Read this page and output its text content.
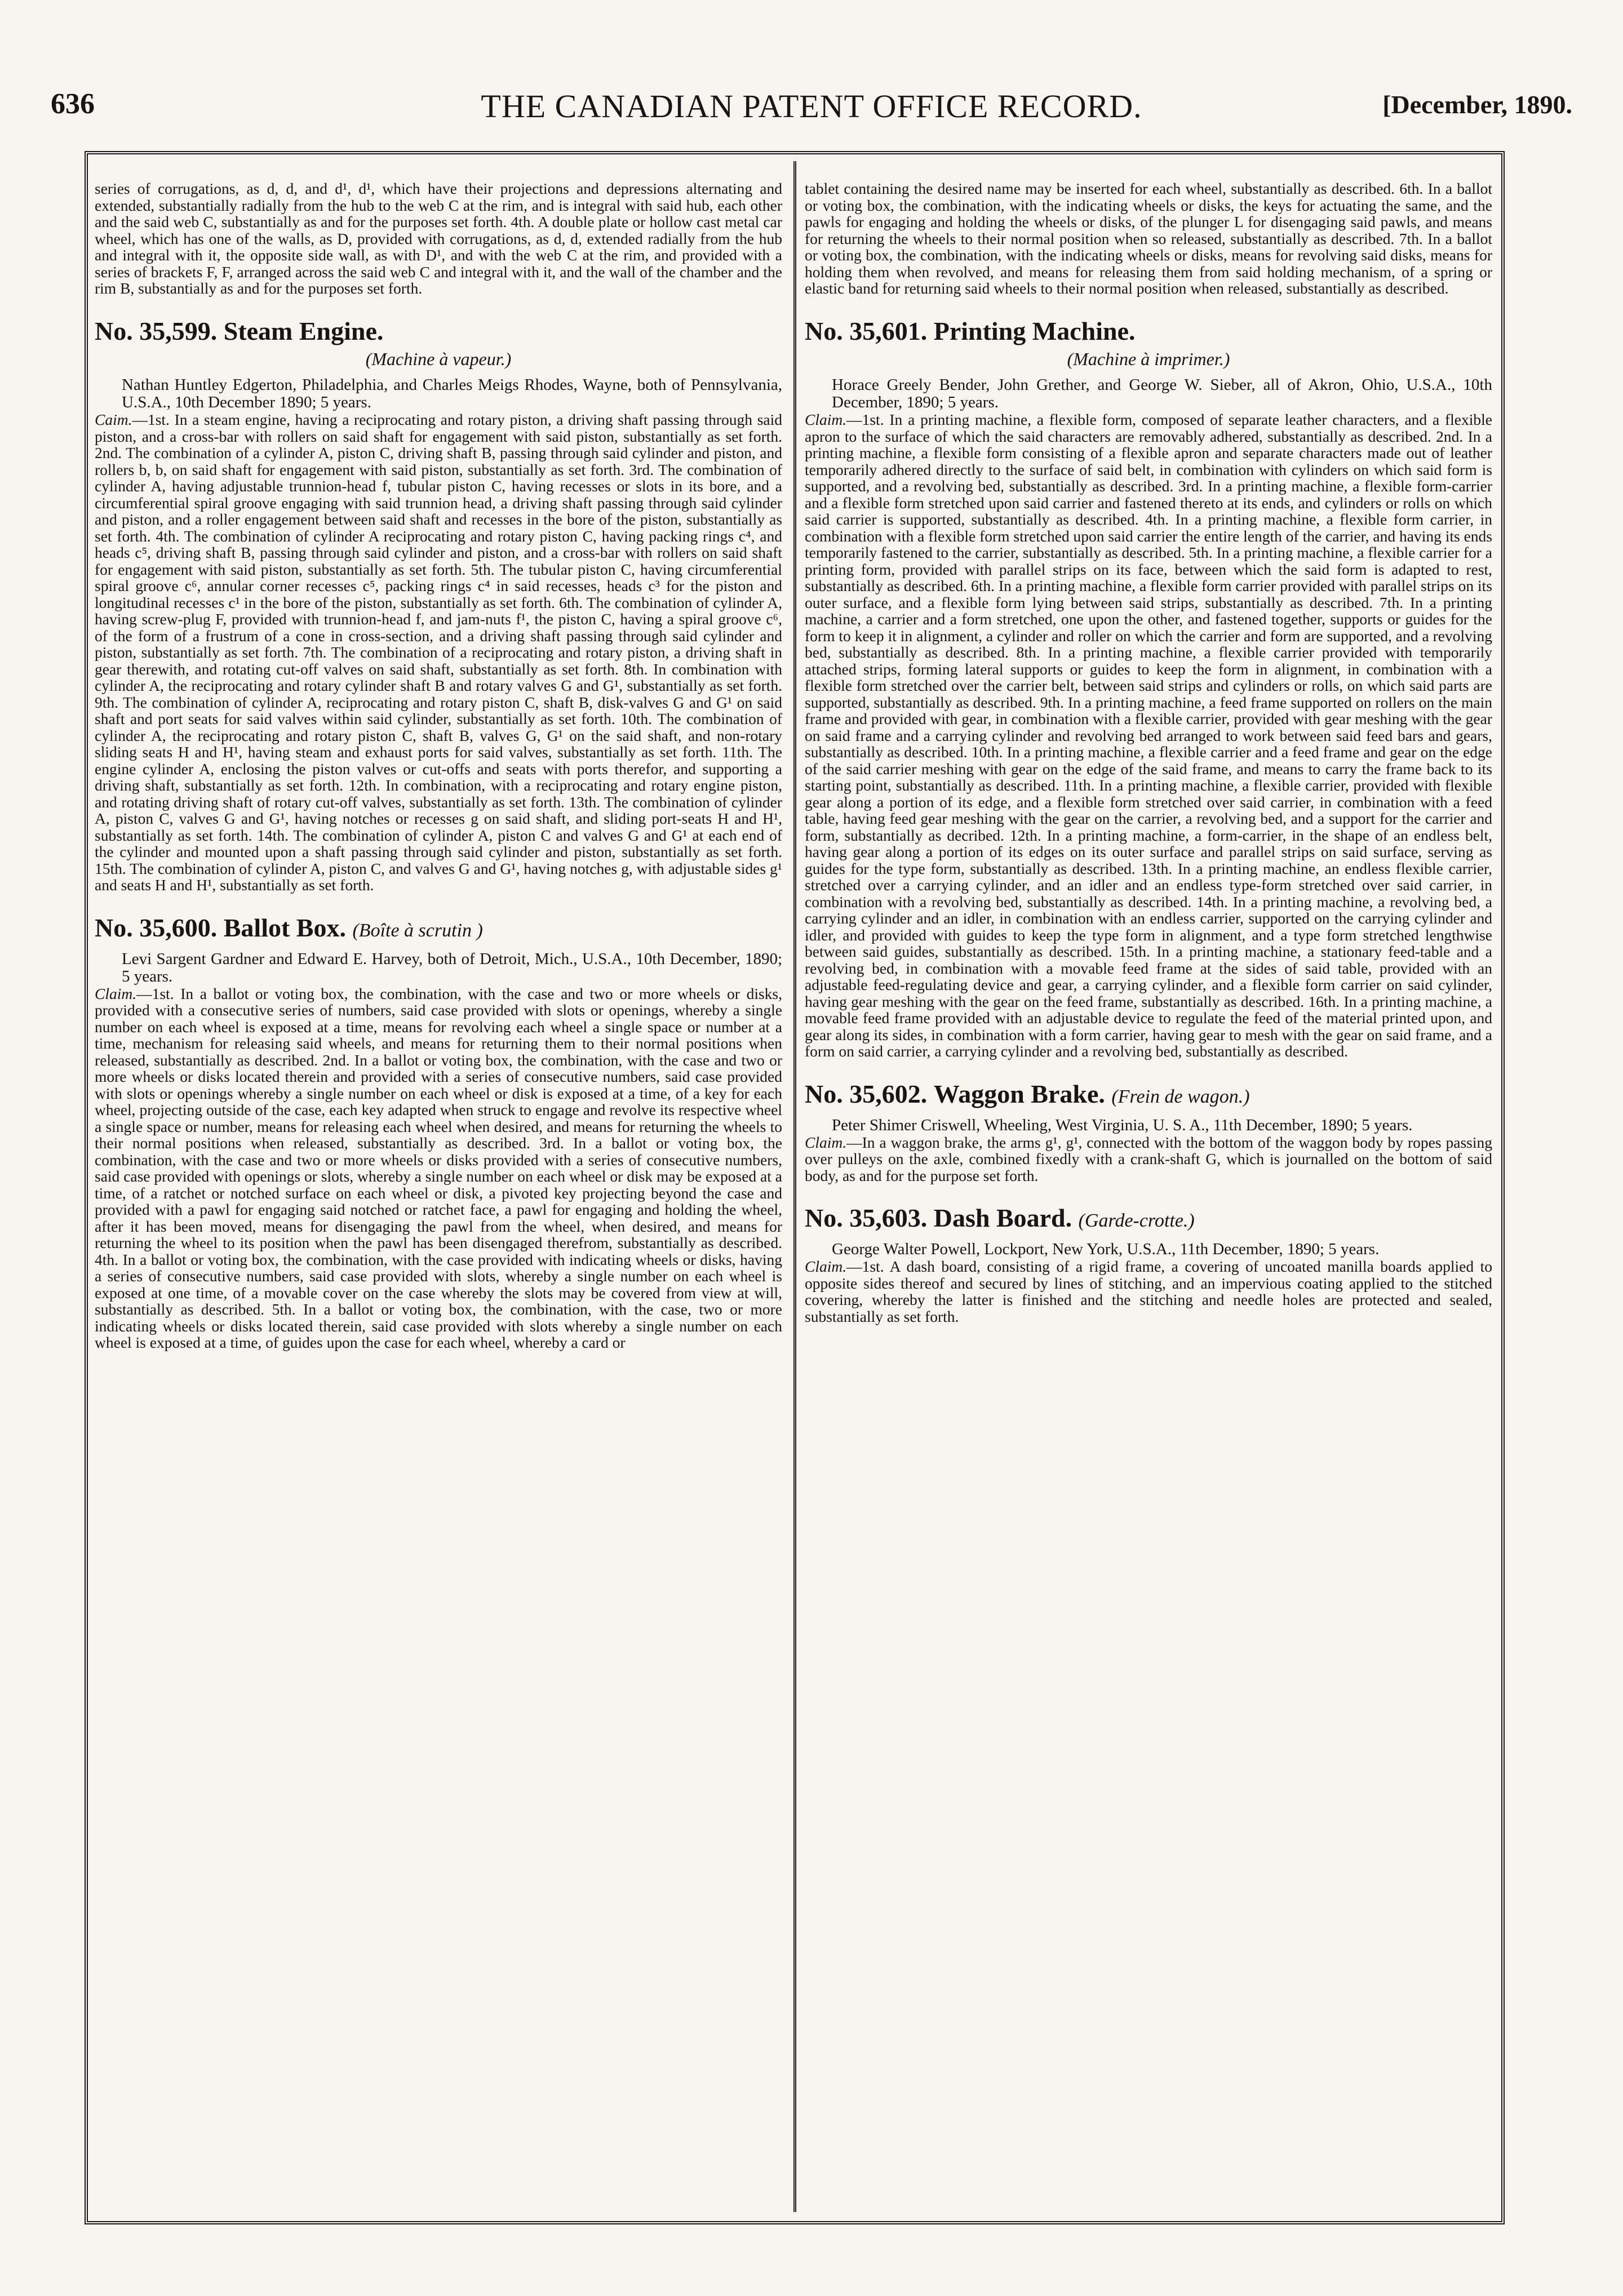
636	THE CANADIAN PATENT OFFICE RECORD.	[December, 1890.

series of corrugations, as d, d, and d¹, d¹, which have their projections and depressions alternating and extended, substantially radially from the hub to the web C at the rim, and is integral with said hub, each other and the said web C, substantially as and for the purposes set forth. 4th. A double plate or hollow cast metal car wheel, which has one of the walls, as D, provided with corrugations, as d, d, extended radially from the hub and integral with it, the opposite side wall, as with D¹, and with the web C at the rim, and provided with a series of brackets F, F, arranged across the said web C and integral with it, and the wall of the chamber and the rim B, substantially as and for the purposes set forth.

No. 35,599. Steam Engine.
(Machine à vapeur.)

Nathan Huntley Edgerton, Philadelphia, and Charles Meigs Rhodes, Wayne, both of Pennsylvania, U.S.A., 10th December 1890; 5 years.

Caim.—1st. In a steam engine, having a reciprocating and rotary piston, a driving shaft passing through said piston, and a cross-bar with rollers on said shaft for engagement with said piston, substantially as set forth. 2nd. The combination of a cylinder A, piston C, driving shaft B, passing through said cylinder and piston, and rollers b, b, on said shaft for engagement with said piston, substantially as set forth. 3rd. The combination of cylinder A, having adjustable trunnion-head f, tubular piston C, having recesses or slots in its bore, and a circumferential spiral groove engaging with said trunnion head, a driving shaft passing through said cylinder and piston, and a roller engagement between said shaft and recesses in the bore of the piston, substantially as set forth. 4th. The combination of cylinder A reciprocating and rotary piston C, having packing rings c⁴, and heads c⁵, driving shaft B, passing through said cylinder and piston, and a cross-bar with rollers on said shaft for engagement with said piston, substantially as set forth. 5th. The tubular piston C, having circumferential spiral groove c⁶, annular corner recesses c⁵, packing rings c⁴ in said recesses, heads c³ for the piston and longitudinal recesses c¹ in the bore of the piston, substantially as set forth. 6th. The combination of cylinder A, having screw-plug F, provided with trunnion-head f, and jam-nuts f¹, the piston C, having a spiral groove c⁶, of the form of a frustrum of a cone in cross-section, and a driving shaft passing through said cylinder and piston, substantially as set forth. 7th. The combination of a reciprocating and rotary piston, a driving shaft in gear therewith, and rotating cut-off valves on said shaft, substantially as set forth. 8th. In combination with cylinder A, the reciprocating and rotary cylinder shaft B and rotary valves G and G¹, substantially as set forth. 9th. The combination of cylinder A, reciprocating and rotary piston C, shaft B, disk-valves G and G¹ on said shaft and port seats for said valves within said cylinder, substantially as set forth. 10th. The combination of cylinder A, the reciprocating and rotary piston C, shaft B, valves G, G¹ on the said shaft, and non-rotary sliding seats H and H¹, having steam and exhaust ports for said valves, substantially as set forth. 11th. The engine cylinder A, enclosing the piston valves or cut-offs and seats with ports therefor, and supporting a driving shaft, substantially as set forth. 12th. In combination, with a reciprocating and rotary engine piston, and rotating driving shaft of rotary cut-off valves, substantially as set forth. 13th. The combination of cylinder A, piston C, valves G and G¹, having notches or recesses g on said shaft, and sliding port-seats H and H¹, substantially as set forth. 14th. The combination of cylinder A, piston C and valves G and G¹ at each end of the cylinder and mounted upon a shaft passing through said cylinder and piston, substantially as set forth. 15th. The combination of cylinder A, piston C, and valves G and G¹, having notches g, with adjustable sides g¹ and seats H and H¹, substantially as set forth.

No. 35,600. Ballot Box. (Boîte à scrutin )

Levi Sargent Gardner and Edward E. Harvey, both of Detroit, Mich., U.S.A., 10th December, 1890; 5 years.

Claim.—1st. In a ballot or voting box, the combination, with the case and two or more wheels or disks, provided with a consecutive series of numbers, said case provided with slots or openings, whereby a single number on each wheel is exposed at a time, means for revolving each wheel a single space or number at a time, mechanism for releasing said wheels, and means for returning them to their normal positions when released, substantially as described. 2nd. In a ballot or voting box, the combination, with the case and two or more wheels or disks located therein and provided with a series of consecutive numbers, said case provided with slots or openings whereby a single number on each wheel or disk is exposed at a time, of a key for each wheel, projecting outside of the case, each key adapted when struck to engage and revolve its respective wheel a single space or number, means for releasing each wheel when desired, and means for returning the wheels to their normal positions when released, substantially as described. 3rd. In a ballot or voting box, the combination, with the case and two or more wheels or disks provided with a series of consecutive numbers, said case provided with openings or slots, whereby a single number on each wheel or disk may be exposed at a time, of a ratchet or notched surface on each wheel or disk, a pivoted key projecting beyond the case and provided with a pawl for engaging said notched or ratchet face, a pawl for engaging and holding the wheel, after it has been moved, means for disengaging the pawl from the wheel, when desired, and means for returning the wheel to its position when the pawl has been disengaged therefrom, substantially as described. 4th. In a ballot or voting box, the combination, with the case provided with indicating wheels or disks, having a series of consecutive numbers, said case provided with slots, whereby a single number on each wheel is exposed at one time, of a movable cover on the case whereby the slots may be covered from view at will, substantially as described. 5th. In a ballot or voting box, the combination, with the case, two or more indicating wheels or disks located therein, said case provided with slots whereby a single number on each wheel is exposed at a time, of guides upon the case for each wheel, whereby a card or

tablet containing the desired name may be inserted for each wheel, substantially as described. 6th. In a ballot or voting box, the combination, with the indicating wheels or disks, the keys for actuating the same, and the pawls for engaging and holding the wheels or disks, of the plunger L for disengaging said pawls, and means for returning the wheels to their normal position when so released, substantially as described. 7th. In a ballot or voting box, the combination, with the indicating wheels or disks, means for revolving said disks, means for holding them when revolved, and means for releasing them from said holding mechanism, of a spring or elastic band for returning said wheels to their normal position when released, substantially as described.

No. 35,601. Printing Machine.
(Machine à imprimer.)

Horace Greely Bender, John Grether, and George W. Sieber, all of Akron, Ohio, U.S.A., 10th December, 1890; 5 years.

Claim.—1st. In a printing machine, a flexible form, composed of separate leather characters, and a flexible apron to the surface of which the said characters are removably adhered, substantially as described. 2nd. In a printing machine, a flexible form consisting of a flexible apron and separate characters made out of leather temporarily adhered directly to the surface of said belt, in combination with cylinders on which said form is supported, and a revolving bed, substantially as described. 3rd. In a printing machine, a flexible form-carrier and a flexible form stretched upon said carrier and fastened thereto at its ends, and cylinders or rolls on which said carrier is supported, substantially as described. 4th. In a printing machine, a flexible form carrier, in combination with a flexible form stretched upon said carrier the entire length of the carrier, and having its ends temporarily fastened to the carrier, substantially as described. 5th. In a printing machine, a flexible carrier for a printing form, provided with parallel strips on its face, between which the said form is adapted to rest, substantially as described. 6th. In a printing machine, a flexible form carrier provided with parallel strips on its outer surface, and a flexible form lying between said strips, substantially as described. 7th. In a printing machine, a carrier and a form stretched, one upon the other, and fastened together, supports or guides for the form to keep it in alignment, a cylinder and roller on which the carrier and form are supported, and a revolving bed, substantially as described. 8th. In a printing machine, a flexible carrier provided with temporarily attached strips, forming lateral supports or guides to keep the form in alignment, in combination with a flexible form stretched over the carrier belt, between said strips and cylinders or rolls, on which said parts are supported, substantially as described. 9th. In a printing machine, a feed frame supported on rollers on the main frame and provided with gear, in combination with a flexible carrier, provided with gear meshing with the gear on said frame and a carrying cylinder and revolving bed arranged to work between said feed bars and gears, substantially as described. 10th. In a printing machine, a flexible carrier and a feed frame and gear on the edge of the said carrier meshing with gear on the edge of the said frame, and means to carry the frame back to its starting point, substantially as described. 11th. In a printing machine, a flexible carrier, provided with flexible gear along a portion of its edge, and a flexible form stretched over said carrier, in combination with a feed table, having feed gear meshing with the gear on the carrier, a revolving bed, and a support for the carrier and form, substantially as decribed. 12th. In a printing machine, a form-carrier, in the shape of an endless belt, having gear along a portion of its edges on its outer surface and parallel strips on said surface, serving as guides for the type form, substantially as described. 13th. In a printing machine, an endless flexible carrier, stretched over a carrying cylinder, and an idler and an endless type-form stretched over said carrier, in combination with a revolving bed, substantially as described. 14th. In a printing machine, a revolving bed, a carrying cylinder and an idler, in combination with an endless carrier, supported on the carrying cylinder and idler, and provided with guides to keep the type form in alignment, and a type form stretched lengthwise between said guides, substantially as described. 15th. In a printing machine, a stationary feed-table and a revolving bed, in combination with a movable feed frame at the sides of said table, provided with an adjustable feed-regulating device and gear, a carrying cylinder, and a flexible form carrier on said cylinder, having gear meshing with the gear on the feed frame, substantially as described. 16th. In a printing machine, a movable feed frame provided with an adjustable device to regulate the feed of the material printed upon, and gear along its sides, in combination with a form carrier, having gear to mesh with the gear on said frame, and a form on said carrier, a carrying cylinder and a revolving bed, substantially as described.

No. 35,602. Waggon Brake. (Frein de wagon.)

Peter Shimer Criswell, Wheeling, West Virginia, U. S. A., 11th December, 1890; 5 years.

Claim.—In a waggon brake, the arms g¹, g¹, connected with the bottom of the waggon body by ropes passing over pulleys on the axle, combined fixedly with a crank-shaft G, which is journalled on the bottom of said body, as and for the purpose set forth.

No. 35,603. Dash Board. (Garde-crotte.)

George Walter Powell, Lockport, New York, U.S.A., 11th December, 1890; 5 years.

Claim.—1st. A dash board, consisting of a rigid frame, a covering of uncoated manilla boards applied to opposite sides thereof and secured by lines of stitching, and an impervious coating applied to the stitched covering, whereby the latter is finished and the stitching and needle holes are protected and sealed, substantially as set forth.
